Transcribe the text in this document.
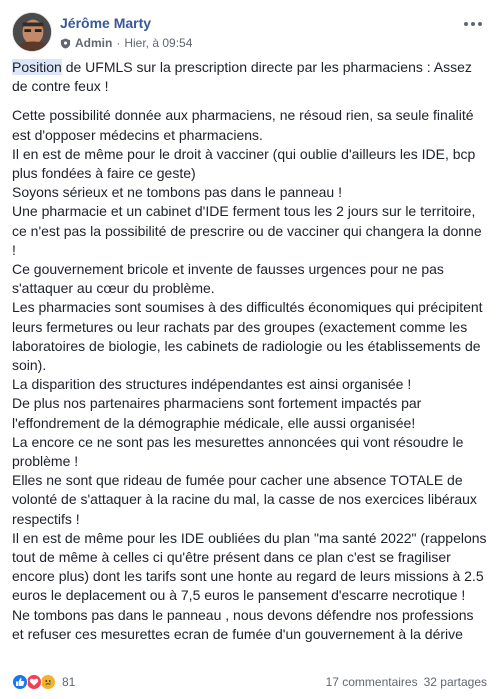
Jérôme Marty
Admin · Hier, à 09:54

Position de UFMLS sur la prescription directe par les pharmaciens : Assez de contre feux !

Cette possibilité donnée aux pharmaciens, ne résoud rien, sa seule finalité est d'opposer médecins et pharmaciens.

Il en est de même pour le droit à vacciner (qui oublie d'ailleurs les IDE, bcp plus fondées à faire ce geste)

Soyons sérieux et ne tombons pas dans le panneau !

Une pharmacie et un cabinet d'IDE ferment tous les 2 jours sur le territoire, ce n'est pas la possibilité de prescrire ou de vacciner qui changera la donne !

Ce gouvernement bricole et invente de fausses urgences pour ne pas s'attaquer au cœur du problème.

Les pharmacies sont soumises à des difficultés économiques qui précipitent leurs fermetures ou leur rachats par des groupes (exactement comme les laboratoires de biologie, les cabinets de radiologie ou les établissements de soin).

La disparition des structures indépendantes est ainsi organisée !

De plus nos partenaires pharmaciens sont fortement impactés par l'effondrement de la démographie médicale, elle aussi organisée!

La encore ce ne sont pas les mesurettes annoncées qui vont résoudre le problème !

Elles ne sont que rideau de fumée pour cacher une absence TOTALE de volonté de s'attaquer à la racine du mal, la casse de nos exercices libéraux respectifs !

Il en est de même pour les IDE oubliées du plan "ma santé 2022" (rappelons tout de même à celles ci qu'être présent dans ce plan c'est se fragiliser encore plus) dont les tarifs sont une honte au regard de leurs missions à 2.5 euros le deplacement ou à 7,5 euros le pansement d'escarre necrotique !

Ne tombons pas dans le panneau , nous devons défendre nos professions et refuser ces mesurettes ecran de fumée d'un gouvernement à la dérive

81	17 commentaires 32 partages
